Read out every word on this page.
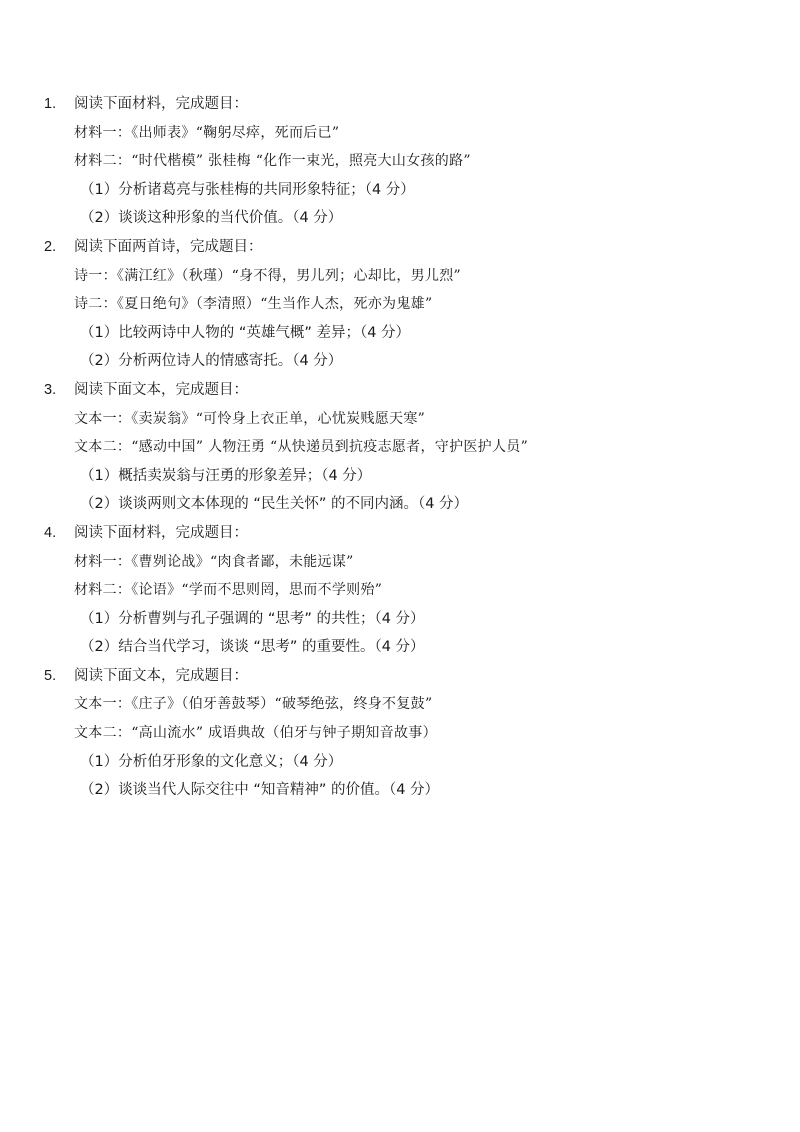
1. 阅读下面材料，完成题目：
材料一：《出师表》“鞠躬尽瘁，死而后已”
材料二：“时代楷模” 张桂梅 “化作一束光，照亮大山女孩的路”
（1）分析诸葛亮与张桂梅的共同形象特征；（4 分）
（2）谈谈这种形象的当代价值。（4 分）
2. 阅读下面两首诗，完成题目：
诗一：《满江红》（秋瑾）“身不得，男儿列；心却比，男儿烈”
诗二：《夏日绝句》（李清照）“生当作人杰，死亦为鬼雄”
（1）比较两诗中人物的 “英雄气概” 差异；（4 分）
（2）分析两位诗人的情感寄托。（4 分）
3. 阅读下面文本，完成题目：
文本一：《卖炭翁》“可怜身上衣正单，心忧炭贱愿天寒”
文本二：“感动中国” 人物汪勇 “从快递员到抗疫志愿者，守护医护人员”
（1）概括卖炭翁与汪勇的形象差异；（4 分）
（2）谈谈两则文本体现的 “民生关怀” 的不同内涵。（4 分）
4. 阅读下面材料，完成题目：
材料一：《曹刿论战》“肉食者鄙，未能远谋”
材料二：《论语》“学而不思则罔，思而不学则殆”
（1）分析曹刿与孔子强调的 “思考” 的共性；（4 分）
（2）结合当代学习，谈谈 “思考” 的重要性。（4 分）
5. 阅读下面文本，完成题目：
文本一：《庄子》（伯牙善鼓琴）“破琴绝弦，终身不复鼓”
文本二：“高山流水” 成语典故（伯牙与钟子期知音故事）
（1）分析伯牙形象的文化意义；（4 分）
（2）谈谈当代人际交往中 “知音精神” 的价值。（4 分）
